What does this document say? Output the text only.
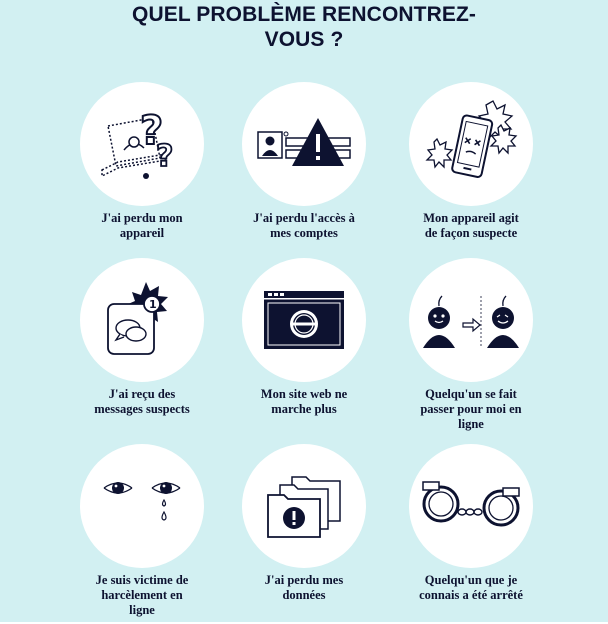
QUEL PROBLÈME RENCONTREZ-
VOUS ?
?
?
J'ai perdu mon
appareil
J'ai perdu l'accès à
mes comptes
Mon appareil agit
de façon suspecte
1
J'ai reçu des
messages suspects
Mon site web ne
marche plus
Quelqu'un se fait
passer pour moi en
ligne
Je suis victime de
harcèlement en
ligne
J'ai perdu mes
données
Quelqu'un que je
connais a été arrêté
